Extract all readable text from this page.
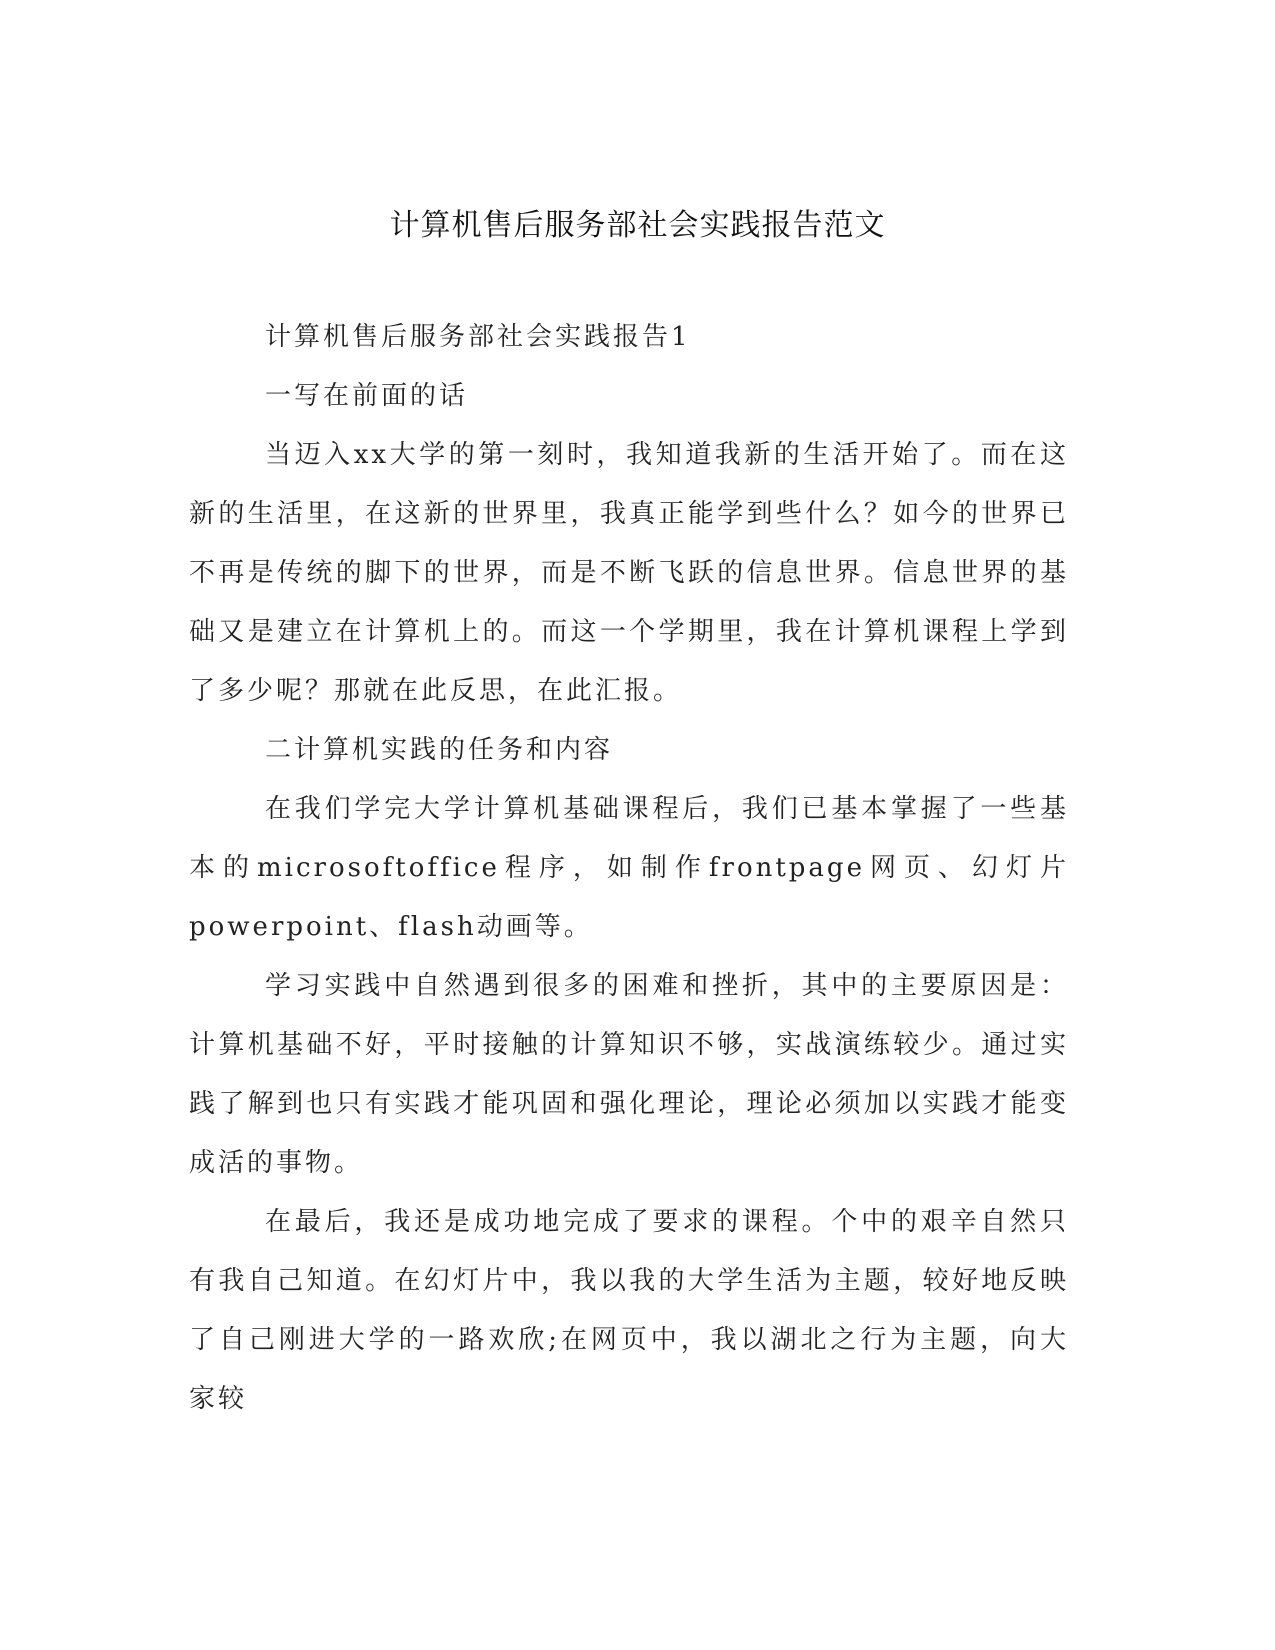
计算机售后服务部社会实践报告范文

计算机售后服务部社会实践报告1

一写在前面的话

当迈入xx大学的第一刻时，我知道我新的生活开始了。而在这新的生活里，在这新的世界里，我真正能学到些什么？如今的世界已不再是传统的脚下的世界，而是不断飞跃的信息世界。信息世界的基础又是建立在计算机上的。而这一个学期里，我在计算机课程上学到了多少呢？那就在此反思，在此汇报。

二计算机实践的任务和内容

在我们学完大学计算机基础课程后，我们已基本掌握了一些基本的microsoftoffice程序，如制作frontpage网页、幻灯片powerpoint、flash动画等。

学习实践中自然遇到很多的困难和挫折，其中的主要原因是：计算机基础不好，平时接触的计算知识不够，实战演练较少。通过实践了解到也只有实践才能巩固和强化理论，理论必须加以实践才能变成活的事物。

在最后，我还是成功地完成了要求的课程。个中的艰辛自然只有我自己知道。在幻灯片中，我以我的大学生活为主题，较好地反映了自己刚进大学的一路欢欣;在网页中，我以湖北之行为主题，向大家较
